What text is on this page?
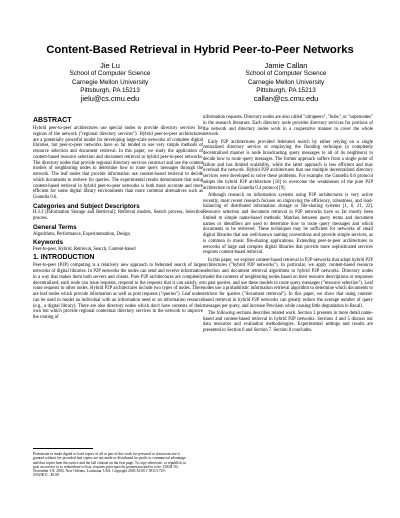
Content-Based Retrieval in Hybrid Peer-to-Peer Networks
Jie Lu
School of Computer Science
Carnegie Mellon University
Pittsburgh, PA 15213
jielu@cs.cmu.edu
Jamie Callan
School of Computer Science
Carnegie Mellon University
Pittsburgh, PA 15213
callan@cs.cmu.edu
ABSTRACT
Hybrid peer-to-peer architectures use special nodes to provide directory services for regions of the network ("regional directory services"). Hybrid peer-to-peer architectures are a potentially powerful model for developing large-scale networks of complete digital libraries, but peer-to-peer networks have so far tended to use very simple methods of resource selection and document retrieval. In this paper, we study the application of content-based resource selection and document retrieval to hybrid peer-to-peer networks. The directory nodes that provide regional directory services construct and use the content models of neighboring nodes to determine how to route query messages through the network. The leaf nodes that provide information use content-based retrieval to decide which documents to retrieve for queries. The experimental results demonstrate that using content-based retrieval in hybrid peer-to-peer networks is both more accurate and more efficient for some digital library environments than more common alternatives such as Gnutella 0.6.
Categories and Subject Descriptors
H.3.3 [Information Storage and Retrieval]: Retrieval models, Search process, Selection process.
General Terms
Algorithms, Performance, Experimentation, Design
Keywords
Peer-to-peer, Hybrid, Retrieval, Search, Content-based
1. INTRODUCTION
Peer-to-peer (P2P) computing is a relatively new approach to federated search of large networks of digital libraries. In P2P networks the nodes can send and receive information in a way that makes them both servers and clients. Pure P2P architectures are completely decentralized; each node can issue requests, respond to the requests that it can satisfy, or route requests to other nodes. Hybrid P2P architectures include two types of nodes. There are leaf nodes which provide information as well as post requests ("queries"). Leaf nodes can be used to model an individual with an information need or an information resource (e.g., a digital library). There are also directory nodes which don't have contents of their own but which provide regional contextual directory services to the network to improve the routing of
Permission to make digital or hard copies of all or part of this work for personal or classroom use is granted without fee provided that copies are not made or distributed for profit or commercial advantage and that copies bear this notice and the full citation on the first page. To copy otherwise, or republish, to post on servers or to redistribute to lists, requires prior specific permission and/or a fee. CIKM '03, November 3-8, 2003, New Orleans, Louisiana, USA. Copyright 2003 ACM 1-58113-723-0/03/0011...$5.00.
information requests. Directory nodes are also called "ultrapeers", "hubs", or "supernodes" in the research literature. Each directory node provides directory services for portions of the network and directory nodes work in a cooperative manner to cover the whole network.
Early P2P architectures provided federated search by either relying on a single centralized directory service or employing the flooding technique (a completely decentralized manner is node broadcasting query messages to all of its neighbors) to decide how to route query messages. The former approach suffers from a single point of failure and has limited scalability, while the latter approach is less efficient and may overload the network. Hybrid P2P architectures that use multiple decentralized directory services were developed to solve these problems. For example, the Gnutella 0.6 protocol adopts the hybrid P2P architecture [10] to overcome the weaknesses of the pure P2P architecture in the Gnutella 0.4 protocol [9].
Although research on information systems using P2P architectures is very active recently, most recent research focuses on improving the efficiency, robustness, and load-balancing of distributed information storage or file-sharing systems [1, 6, 21, 22]. Resource selection and document retrieval in P2P networks have so far mostly been limited to simple name-based methods: Matches between query terms and document names or identifiers are used to determine how to route query messages and which documents to be retrieved. These techniques may be sufficient for networks of small digital libraries that use well-known naming conventions and provide simple services, as is common in music file-sharing applications. Extending peer-to-peer architectures to networks of large and complex digital libraries that provide more sophisticated services requires content-based retrieval.
In this paper, we explore content-based retrieval in P2P networks that adopt hybrid P2P architectures ("hybrid P2P networks"). In particular, we apply content-based resource selection and document retrieval algorithms to hybrid P2P networks. Directory nodes model the contents of neighboring nodes based on their resource descriptions or responses to past queries, and use these models to route query messages ("resource selection"). Leaf nodes use a probabilistic information retrieval algorithm to determine which documents to retrieve for queries ("document retrieval"). In this paper, we show that using content-based retrieval in hybrid P2P networks can greatly reduce the average number of query messages per query, and increase Precision while causing little degradation in Recall.
The following sections describes related work. Section 3 presents in more detail name-based and content-based retrieval in hybrid P2P networks. Sections 4 and 5 discuss our data resources and evaluation methodologies. Experimental settings and results are presented in Section 6 and Section 7. Section 8 concludes.
